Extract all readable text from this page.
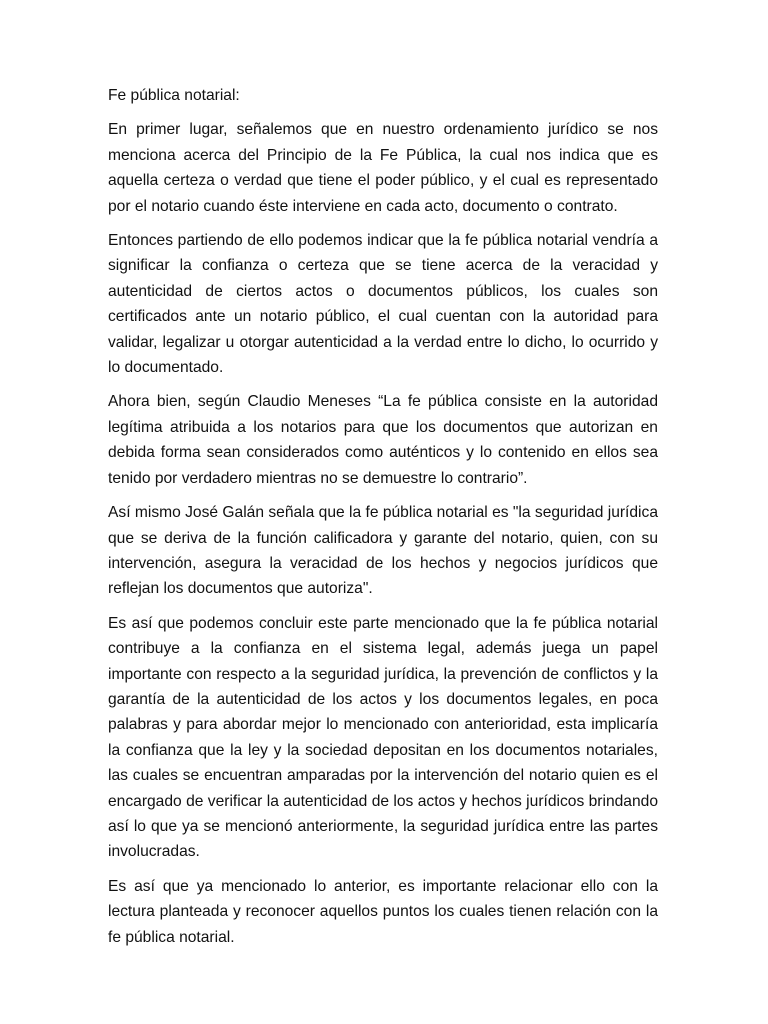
Fe pública notarial:

En primer lugar, señalemos que en nuestro ordenamiento jurídico se nos menciona acerca del Principio de la Fe Pública, la cual nos indica que es aquella certeza o verdad que tiene el poder público, y el cual es representado por el notario cuando éste interviene en cada acto, documento o contrato.

Entonces partiendo de ello podemos indicar que la fe pública notarial vendría a significar la confianza o certeza que se tiene acerca de la veracidad y autenticidad de ciertos actos o documentos públicos, los cuales son certificados ante un notario público, el cual cuentan con la autoridad para validar, legalizar u otorgar autenticidad a la verdad entre lo dicho, lo ocurrido y lo documentado.

Ahora bien, según Claudio Meneses “La fe pública consiste en la autoridad legítima atribuida a los notarios para que los documentos que autorizan en debida forma sean considerados como auténticos y lo contenido en ellos sea tenido por verdadero mientras no se demuestre lo contrario”.

Así mismo José Galán señala que la fe pública notarial es "la seguridad jurídica que se deriva de la función calificadora y garante del notario, quien, con su intervención, asegura la veracidad de los hechos y negocios jurídicos que reflejan los documentos que autoriza".

Es así que podemos concluir este parte mencionado que la fe pública notarial contribuye a la confianza en el sistema legal, además juega un papel importante con respecto a la seguridad jurídica, la prevención de conflictos y la garantía de la autenticidad de los actos y los documentos legales, en poca palabras y para abordar mejor lo mencionado con anterioridad, esta implicaría la confianza que la ley y la sociedad depositan en los documentos notariales, las cuales se encuentran amparadas por la intervención del notario quien es el encargado de verificar la autenticidad de los actos y hechos jurídicos brindando así lo que ya se mencionó anteriormente, la seguridad jurídica entre las partes involucradas.

Es así que ya mencionado lo anterior, es importante relacionar ello con la lectura planteada y reconocer aquellos puntos los cuales tienen relación con la fe pública notarial.
